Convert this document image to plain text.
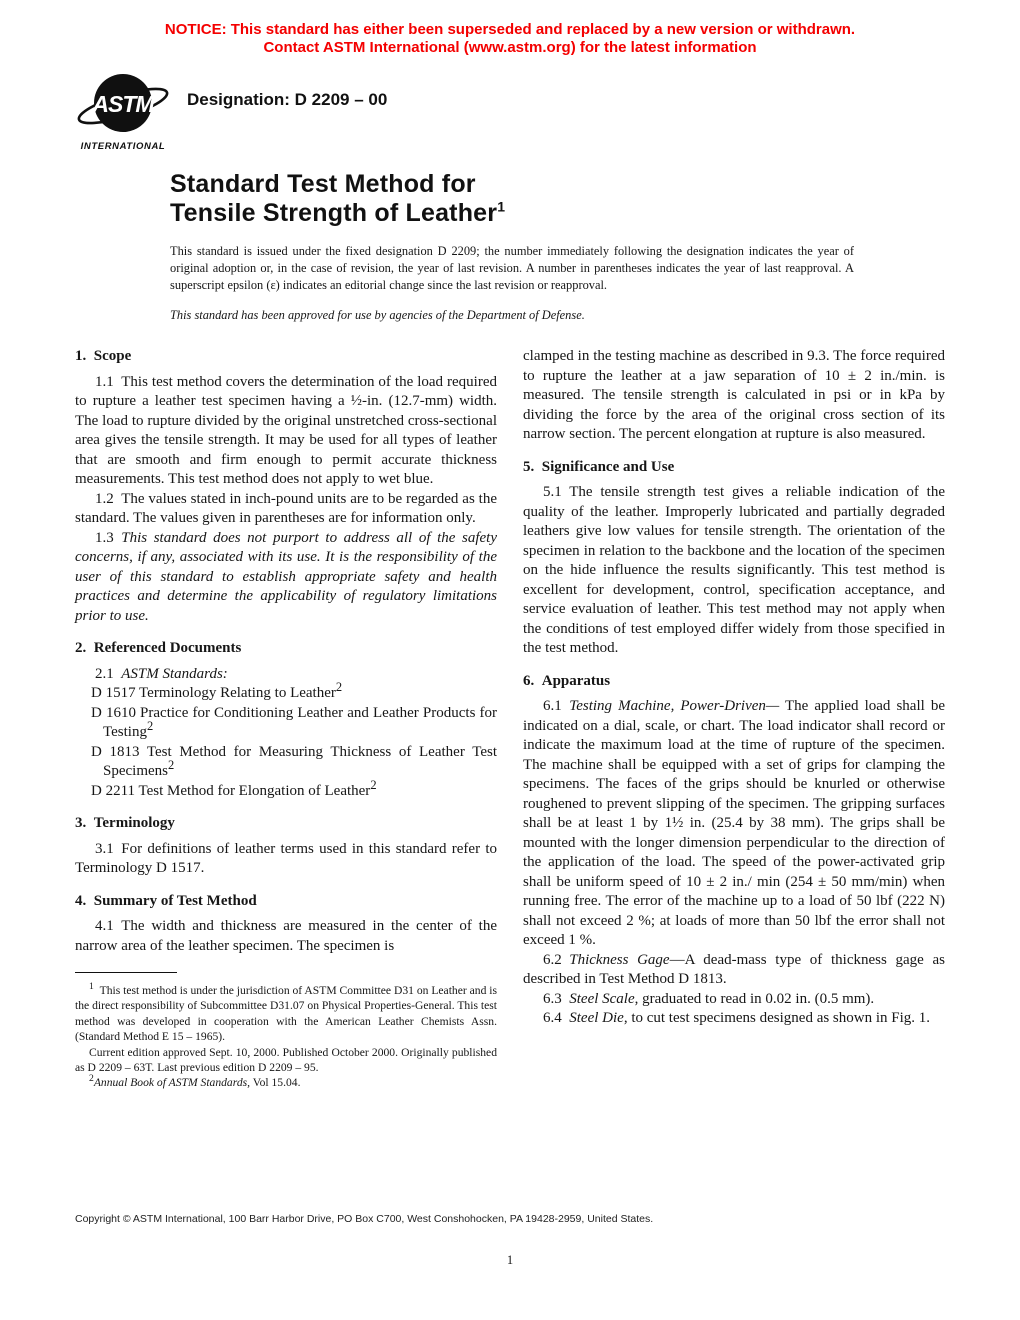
NOTICE: This standard has either been superseded and replaced by a new version or withdrawn.
Contact ASTM International (www.astm.org) for the latest information
ASTM
INTERNATIONAL
Designation: D 2209 – 00
Standard Test Method for
Tensile Strength of Leather$^1$
This standard is issued under the fixed designation D 2209; the number immediately following the designation indicates the year of original adoption or, in the case of revision, the year of last revision. A number in parentheses indicates the year of last reapproval. A superscript epsilon (ε) indicates an editorial change since the last revision or reapproval.
This standard has been approved for use by agencies of the Department of Defense.
1. Scope

1.1 This test method covers the determination of the load required to rupture a leather test specimen having a ½-in. (12.7-mm) width. The load to rupture divided by the original unstretched cross-sectional area gives the tensile strength. It may be used for all types of leather that are smooth and firm enough to permit accurate thickness measurements. This test method does not apply to wet blue.

1.2 The values stated in inch-pound units are to be regarded as the standard. The values given in parentheses are for information only.

1.3 This standard does not purport to address all of the safety concerns, if any, associated with its use. It is the responsibility of the user of this standard to establish appropriate safety and health practices and determine the applicability of regulatory limitations prior to use.

2. Referenced Documents

2.1 ASTM Standards:

D 1517 Terminology Relating to Leather$^2$
D 1610 Practice for Conditioning Leather and Leather Products for Testing$^2$
D 1813 Test Method for Measuring Thickness of Leather Test Specimens$^2$
D 2211 Test Method for Elongation of Leather$^2$
3. Terminology

3.1 For definitions of leather terms used in this standard refer to Terminology D 1517.

4. Summary of Test Method

4.1 The width and thickness are measured in the center of the narrow area of the leather specimen. The specimen is

$^1$ This test method is under the jurisdiction of ASTM Committee D31 on Leather and is the direct responsibility of Subcommittee D31.07 on Physical Properties-General. This test method was developed in cooperation with the American Leather Chemists Assn. (Standard Method E 15 – 1965).

Current edition approved Sept. 10, 2000. Published October 2000. Originally published as D 2209 – 63T. Last previous edition D 2209 – 95.

$^2$Annual Book of ASTM Standards, Vol 15.04.

clamped in the testing machine as described in 9.3. The force required to rupture the leather at a jaw separation of 10 ± 2 in./min. is measured. The tensile strength is calculated in psi or in kPa by dividing the force by the area of the original cross section of its narrow section. The percent elongation at rupture is also measured.

5. Significance and Use

5.1 The tensile strength test gives a reliable indication of the quality of the leather. Improperly lubricated and partially degraded leathers give low values for tensile strength. The orientation of the specimen in relation to the backbone and the location of the specimen on the hide influence the results significantly. This test method is excellent for development, control, specification acceptance, and service evaluation of leather. This test method may not apply when the conditions of test employed differ widely from those specified in the test method.

6. Apparatus

6.1 Testing Machine, Power-Driven— The applied load shall be indicated on a dial, scale, or chart. The load indicator shall record or indicate the maximum load at the time of rupture of the specimen. The machine shall be equipped with a set of grips for clamping the specimens. The faces of the grips should be knurled or otherwise roughened to prevent slipping of the specimen. The gripping surfaces shall be at least 1 by 1½ in. (25.4 by 38 mm). The grips shall be mounted with the longer dimension perpendicular to the direction of the application of the load. The speed of the power-activated grip shall be uniform speed of 10 ± 2 in./ min (254 ± 50 mm/min) when running free. The error of the machine up to a load of 50 lbf (222 N) shall not exceed 2 %; at loads of more than 50 lbf the error shall not exceed 1 %.

6.2 Thickness Gage—A dead-mass type of thickness gage as described in Test Method D 1813.

6.3 Steel Scale, graduated to read in 0.02 in. (0.5 mm).

6.4 Steel Die, to cut test specimens designed as shown in Fig. 1.

Copyright © ASTM International, 100 Barr Harbor Drive, PO Box C700, West Conshohocken, PA 19428-2959, United States.
1
